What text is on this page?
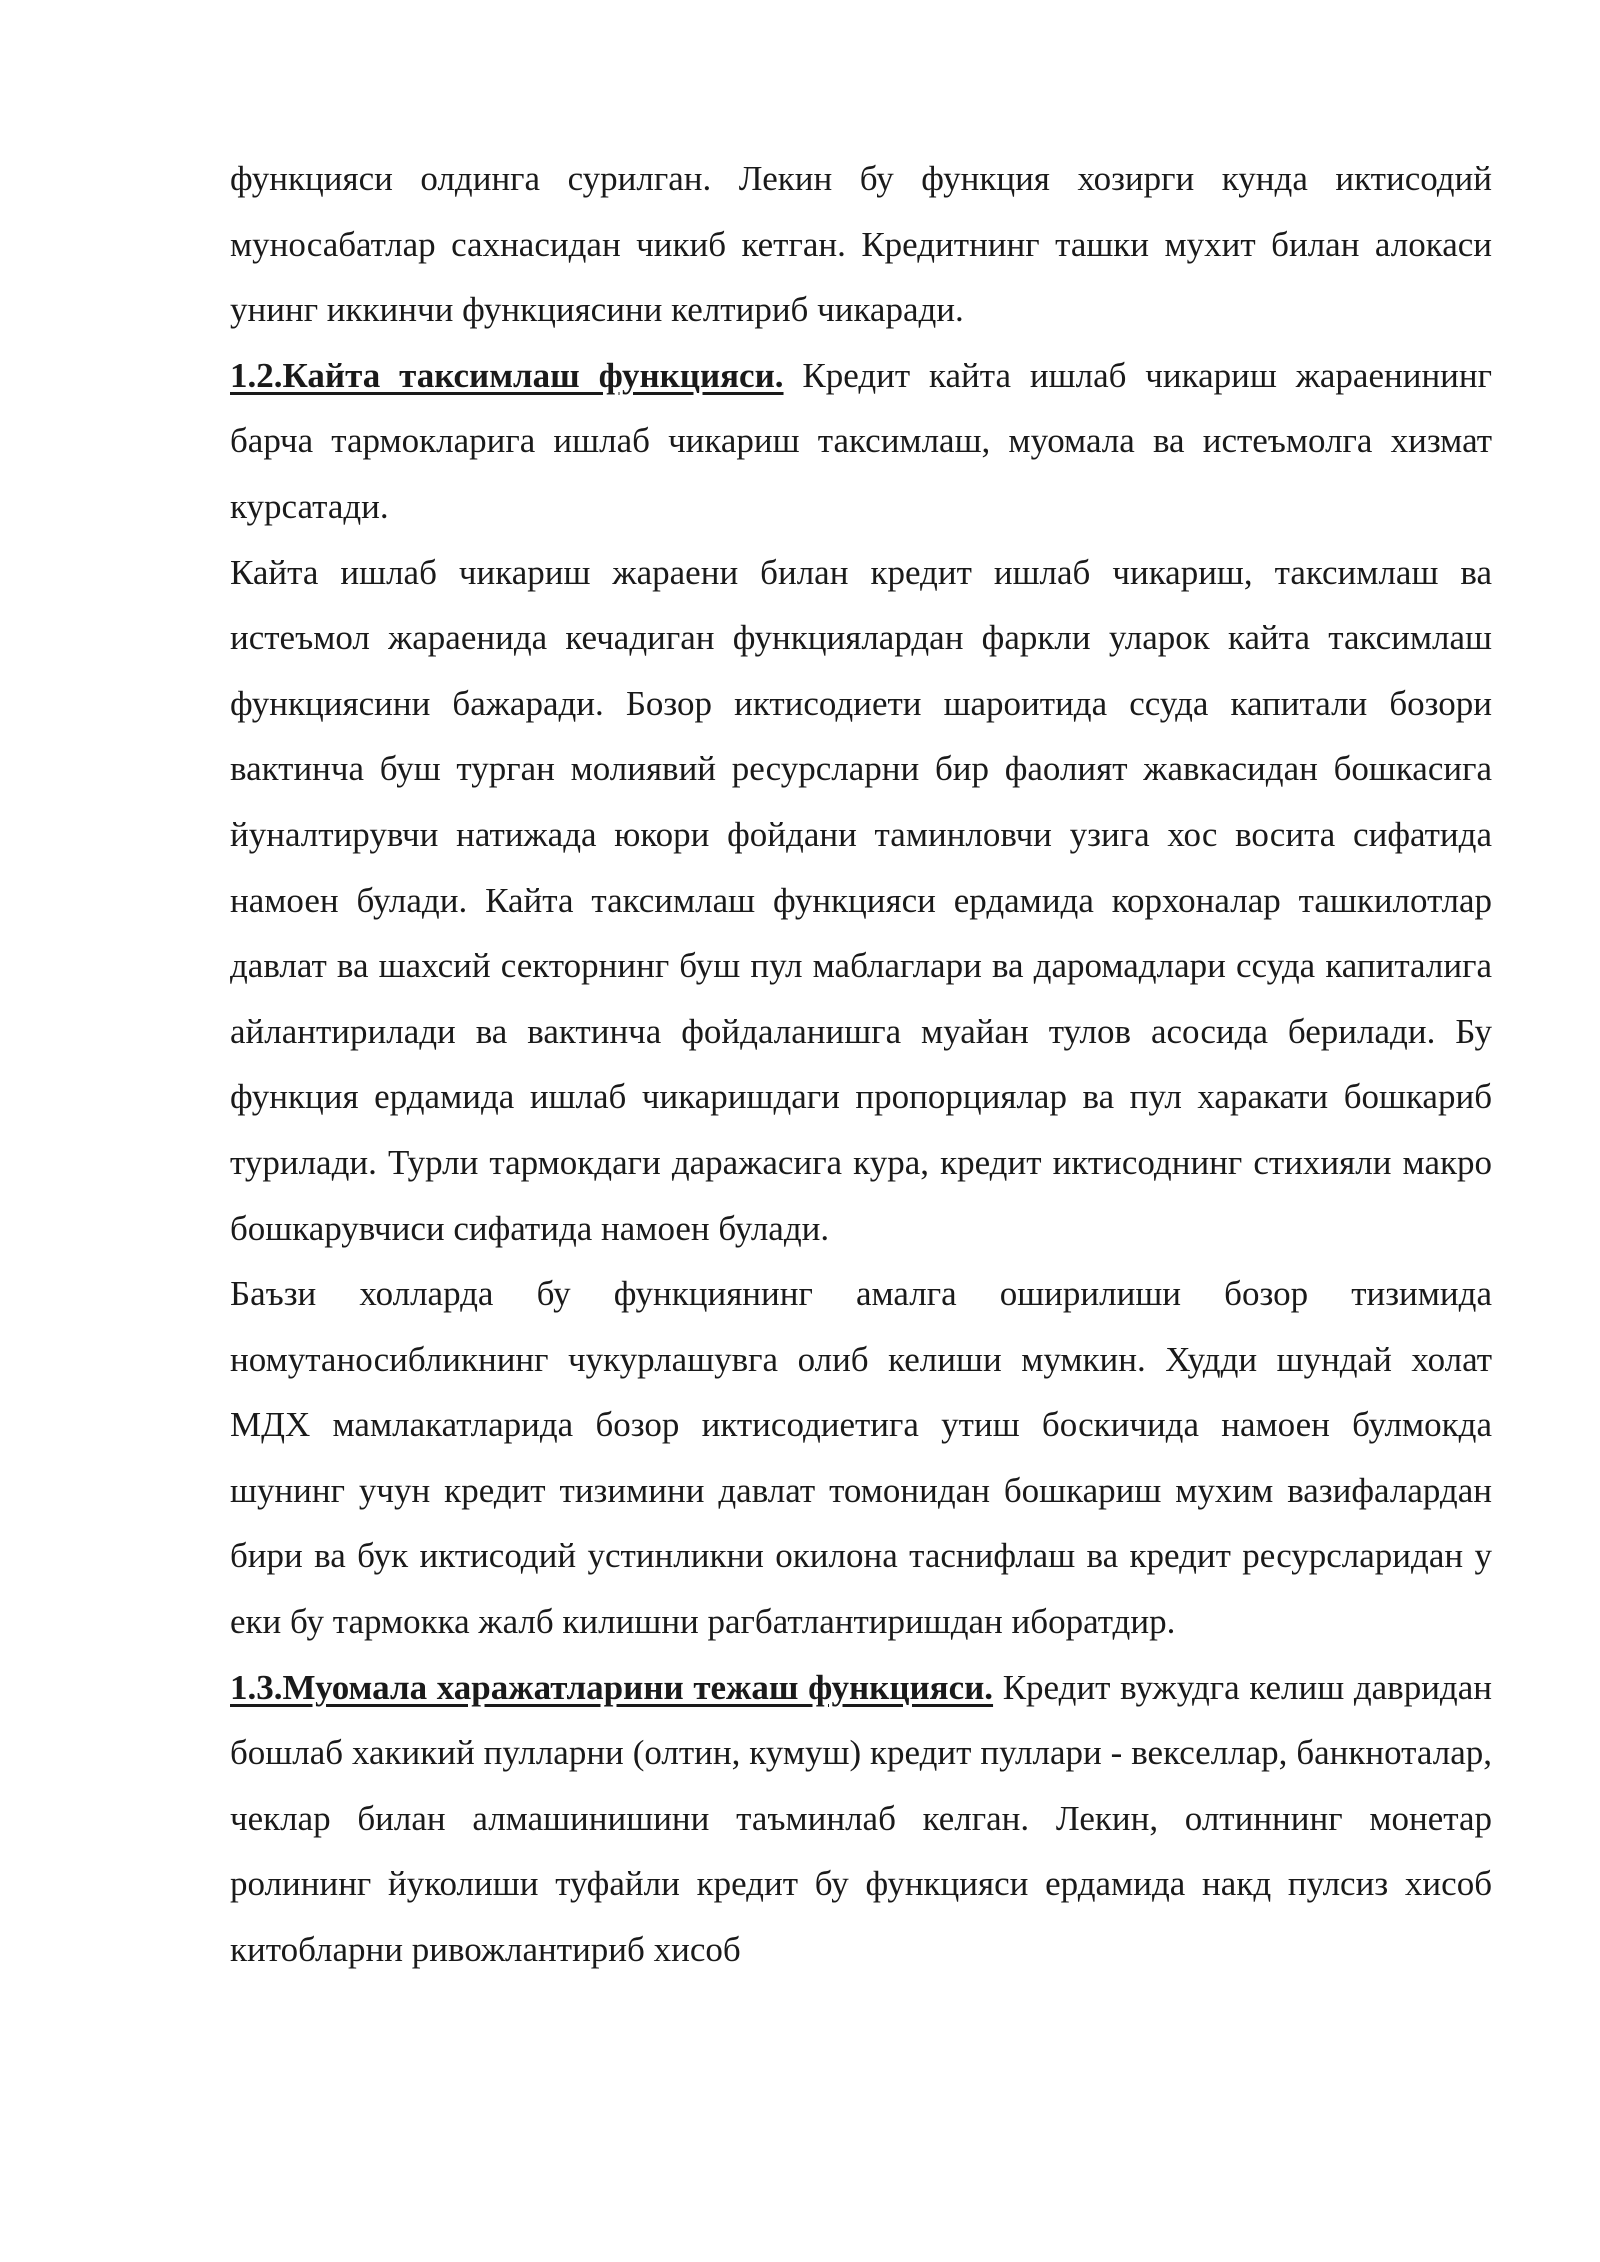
функцияси олдинга сурилган. Лекин бу функция хозирги кунда иктисодий муносабатлар сахнасидан чикиб кетган. Кредитнинг ташки мухит билан алокаси унинг иккинчи функциясини келтириб чикаради.

1.2.Кайта таксимлаш функцияси. Кредит кайта ишлаб чикариш жараенининг барча тармокларига ишлаб чикариш таксимлаш, муомала ва истеъмолга хизмат курсатади.

Кайта ишлаб чикариш жараени билан кредит ишлаб чикариш, таксимлаш ва истеъмол жараенида кечадиган функциялардан фаркли уларок кайта таксимлаш функциясини бажаради. Бозор иктисодиети шароитида ссуда капитали бозори вактинча буш турган молиявий ресурсларни бир фаолият жавкасидан бошкасига йуналтирувчи натижада юкори фойдани таминловчи узига хос восита сифатида намоен булади. Кайта таксимлаш функцияси ердамида корхоналар ташкилотлар давлат ва шахсий секторнинг буш пул маблаглари ва даромадлари ссуда капиталига айлантирилади ва вактинча фойдаланишга муайан тулов асосида берилади. Бу функция ердамида ишлаб чикаришдаги пропорциялар ва пул харакати бошкариб турилади. Турли тармокдаги даражасига кура, кредит иктисоднинг стихияли макро бошкарувчиси сифатида намоен булади.

Баъзи холларда бу функциянинг амалга оширилиши бозор тизимида номутаносибликнинг чукурлашувга олиб келиши мумкин. Худди шундай холат МДХ мамлакатларида бозор иктисодиетига утиш боскичида намоен булмокда шунинг учун кредит тизимини давлат томонидан бошкариш мухим вазифалардан бири ва бук иктисодий устинликни окилона таснифлаш ва кредит ресурсларидан у еки бу тармокка жалб килишни рагбатлантиришдан иборатдир.

1.3.Муомала харажатларини тежаш функцияси. Кредит вужудга келиш давридан бошлаб хакикий пулларни (олтин, кумуш) кредит пуллари - векселлар, банкноталар, чеклар билан алмашинишини таъминлаб келган. Лекин, олтиннинг монетар ролининг йуколиши туфайли кредит бу функцияси ердамида накд пулсиз хисоб китобларни ривожлантириб хисоб
